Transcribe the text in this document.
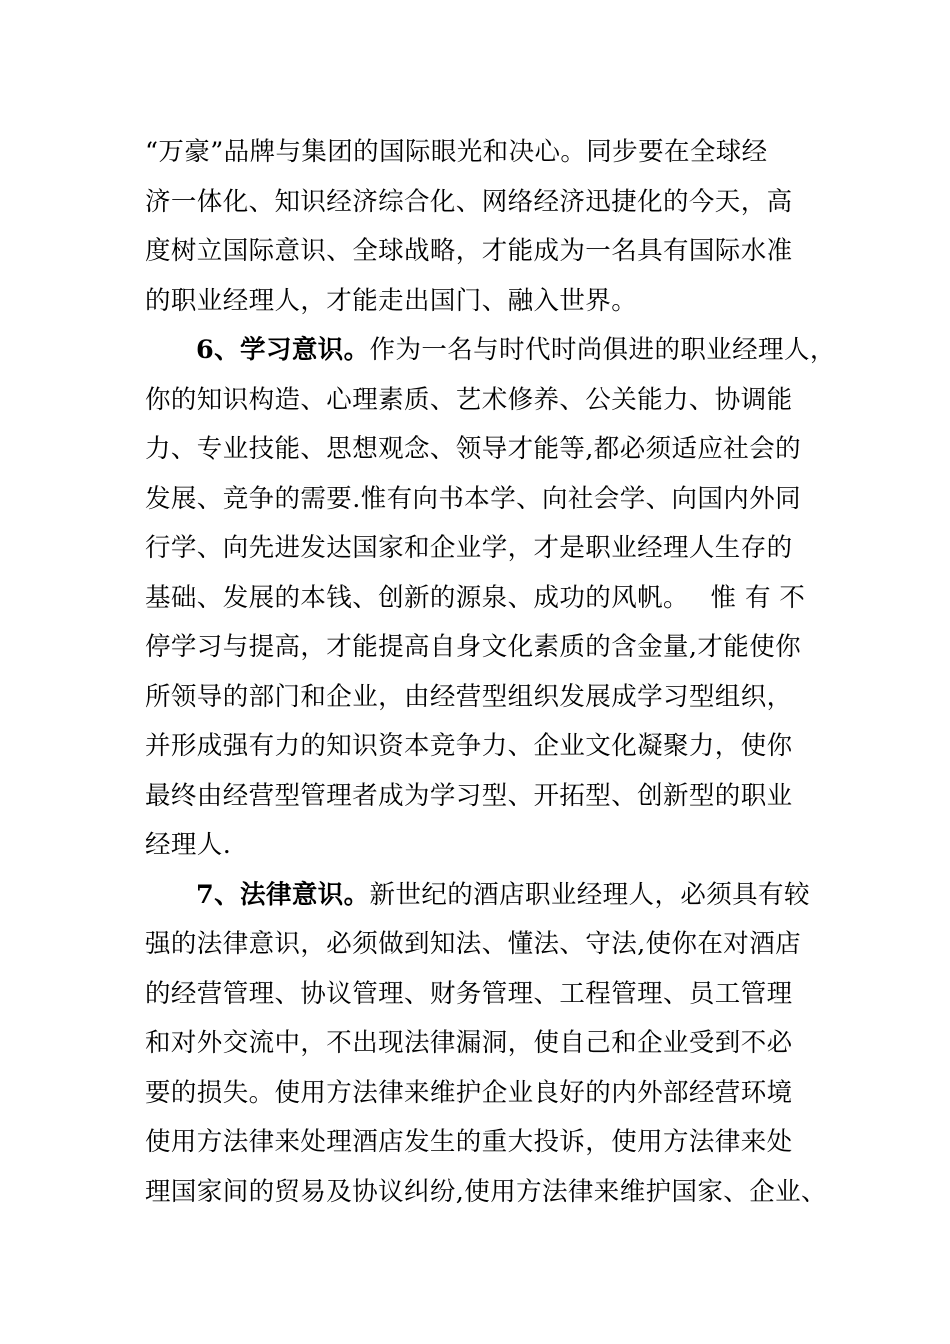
“万豪”品牌与集团的国际眼光和决心。同步要在全球经
济一体化、知识经济综合化、网络经济迅捷化的今天，高
度树立国际意识、全球战略，才能成为一名具有国际水准
的职业经理人，才能走出国门、融入世界。
6、学习意识。作为一名与时代时尚俱进的职业经理人，
你的知识构造、心理素质、艺术修养、公关能力、协调能
力、专业技能、思想观念、领导才能等,都必须适应社会的
发展、竞争的需要.惟有向书本学、向社会学、向国内外同
行学、向先进发达国家和企业学，才是职业经理人生存的
基础、发展的本钱、创新的源泉、成功的风帆。　 惟 有 不
停学习与提高，才能提高自身文化素质的含金量,才能使你
所领导的部门和企业，由经营型组织发展成学习型组织，
并形成强有力的知识资本竞争力、企业文化凝聚力，使你
最终由经营型管理者成为学习型、开拓型、创新型的职业
经理人.
7、法律意识。新世纪的酒店职业经理人，必须具有较
强的法律意识，必须做到知法、懂法、守法,使你在对酒店
的经营管理、协议管理、财务管理、工程管理、员工管理
和对外交流中，不出现法律漏洞，使自己和企业受到不必
要的损失。使用方法律来维护企业良好的内外部经营环境
使用方法律来处理酒店发生的重大投诉，使用方法律来处
理国家间的贸易及协议纠纷,使用方法律来维护国家、企业、
